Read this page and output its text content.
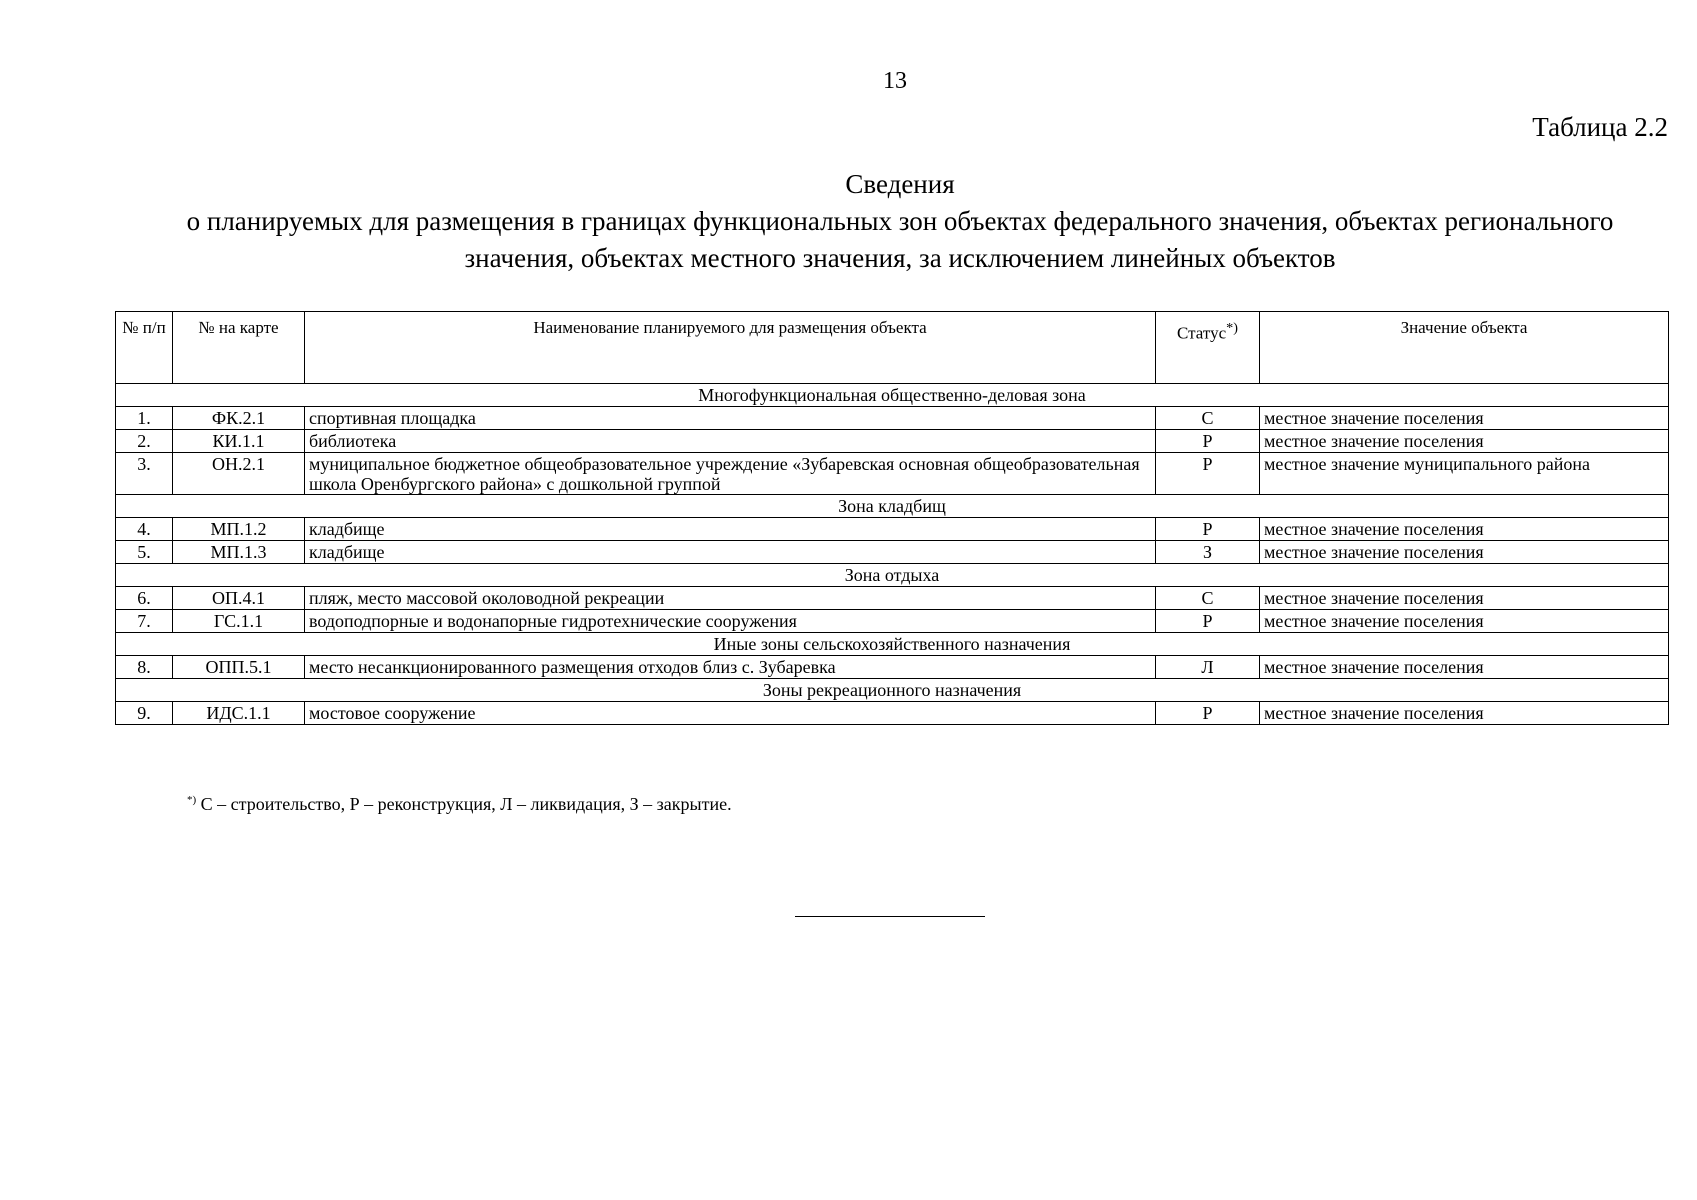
13
Таблица 2.2
Сведения
о планируемых для размещения в границах функциональных зон объектах федерального значения, объектах регионального
значения, объектах местного значения, за исключением линейных объектов
№ п/п	№ на карте	Наименование планируемого для размещения объекта	Статус*)	Значение объекта
Многофункциональная общественно-деловая зона				
1.	ФК.2.1	спортивная площадка	С	местное значение поселения
2.	КИ.1.1	библиотека	Р	местное значение поселения
3.	ОН.2.1	муниципальное бюджетное общеобразовательное учреждение «Зубаревская основная общеобразовательная школа Оренбургского района» с дошкольной группой	Р	местное значение муниципального района
Зона кладбищ				
4.	МП.1.2	кладбище	Р	местное значение поселения
5.	МП.1.3	кладбище	З	местное значение поселения
Зона отдыха				
6.	ОП.4.1	пляж, место массовой околоводной рекреации	С	местное значение поселения
7.	ГС.1.1	водоподпорные и водонапорные гидротехнические сооружения	Р	местное значение поселения
Иные зоны сельскохозяйственного назначения				
8.	ОПП.5.1	место несанкционированного размещения отходов близ с. Зубаревка	Л	местное значение поселения
Зоны рекреационного назначения				
9.	ИДС.1.1	мостовое сооружение	Р	местное значение поселения
*) С – строительство, Р – реконструкция, Л – ликвидация, З – закрытие.
